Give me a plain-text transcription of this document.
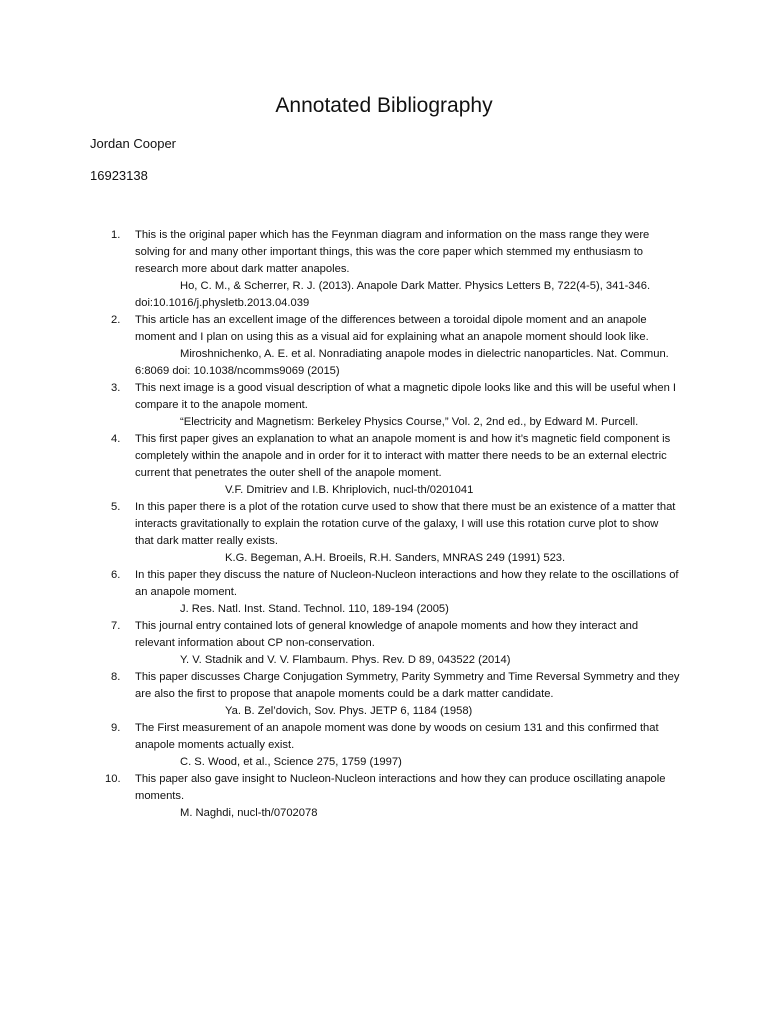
Annotated Bibliography
Jordan Cooper
16923138
1. This is the original paper which has the Feynman diagram and information on the mass range they were solving for and many other important things, this was the core paper which stemmed my enthusiasm to research more about dark matter anapoles.
Ho, C. M., & Scherrer, R. J. (2013). Anapole Dark Matter. Physics Letters B, 722(4-5), 341-346. doi:10.1016/j.physletb.2013.04.039
2. This article has an excellent image of the differences between a toroidal dipole moment and an anapole moment and I plan on using this as a visual aid for explaining what an anapole moment should look like.
Miroshnichenko, A. E. et al. Nonradiating anapole modes in dielectric nanoparticles. Nat. Commun. 6:8069 doi: 10.1038/ncomms9069 (2015)
3. This next image is a good visual description of what a magnetic dipole looks like and this will be useful when I compare it to the anapole moment.
“Electricity and Magnetism: Berkeley Physics Course,” Vol. 2, 2nd ed., by Edward M. Purcell.
4. This first paper gives an explanation to what an anapole moment is and how it’s magnetic field component is completely within the anapole and in order for it to interact with matter there needs to be an external electric current that penetrates the outer shell of the anapole moment.
V.F. Dmitriev and I.B. Khriplovich, nucl-th/0201041
5. In this paper there is a plot of the rotation curve used to show that there must be an existence of a matter that interacts gravitationally to explain the rotation curve of the galaxy, I will use this rotation curve plot to show that dark matter really exists.
K.G. Begeman, A.H. Broeils, R.H. Sanders, MNRAS 249 (1991) 523.
6. In this paper they discuss the nature of Nucleon-Nucleon interactions and how they relate to the oscillations of an anapole moment.
J. Res. Natl. Inst. Stand. Technol. 110, 189-194 (2005)
7. This journal entry contained lots of general knowledge of anapole moments and how they interact and relevant information about CP non-conservation.
Y. V. Stadnik and V. V. Flambaum. Phys. Rev. D 89, 043522 (2014)
8. This paper discusses Charge Conjugation Symmetry, Parity Symmetry and Time Reversal Symmetry and they are also the first to propose that anapole moments could be a dark matter candidate.
Ya. B. Zel’dovich, Sov. Phys. JETP 6, 1184 (1958)
9. The First measurement of an anapole moment was done by woods on cesium 131 and this confirmed that anapole moments actually exist.
C. S. Wood, et al., Science 275, 1759 (1997)
10. This paper also gave insight to Nucleon-Nucleon interactions and how they can produce oscillating anapole moments.
M. Naghdi, nucl-th/0702078
